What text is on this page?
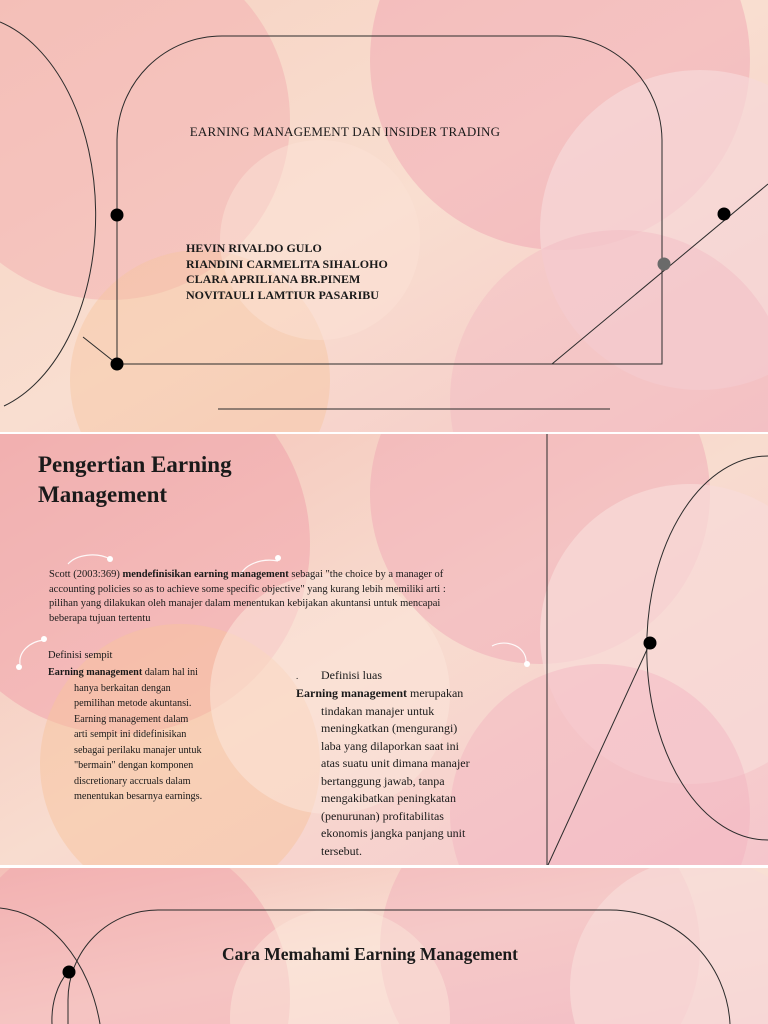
EARNING MANAGEMENT DAN INSIDER TRADING

HEVIN RIVALDO GULO
RIANDINI CARMELITA SIHALOHO
CLARA APRILIANA BR.PINEM
NOVITAULI LAMTIUR PASARIBU
Pengertian Earning
Management

Scott (2003:369) mendefinisikan earning management sebagai "the choice by a manager of accounting policies so as to achieve some specific objective" yang kurang lebih memiliki arti : pilihan yang dilakukan oleh manajer dalam menentukan kebijakan akuntansi untuk mencapai beberapa tujuan tertentu

Definisi sempit
Earning management dalam hal ini
hanya berkaitan dengan
pemilihan metode akuntansi.
Earning management dalam
arti sempit ini didefinisikan
sebagai perilaku manajer untuk
"bermain" dengan komponen
discretionary accruals dalam
menentukan besarnya earnings.
. Definisi luas
Earning management merupakan
tindakan manajer untuk
meningkatkan (mengurangi)
laba yang dilaporkan saat ini
atas suatu unit dimana manajer
bertanggung jawab, tanpa
mengakibatkan peningkatan
(penurunan) profitabilitas
ekonomis jangka panjang unit
tersebut.

Cara Memahami Earning Management
